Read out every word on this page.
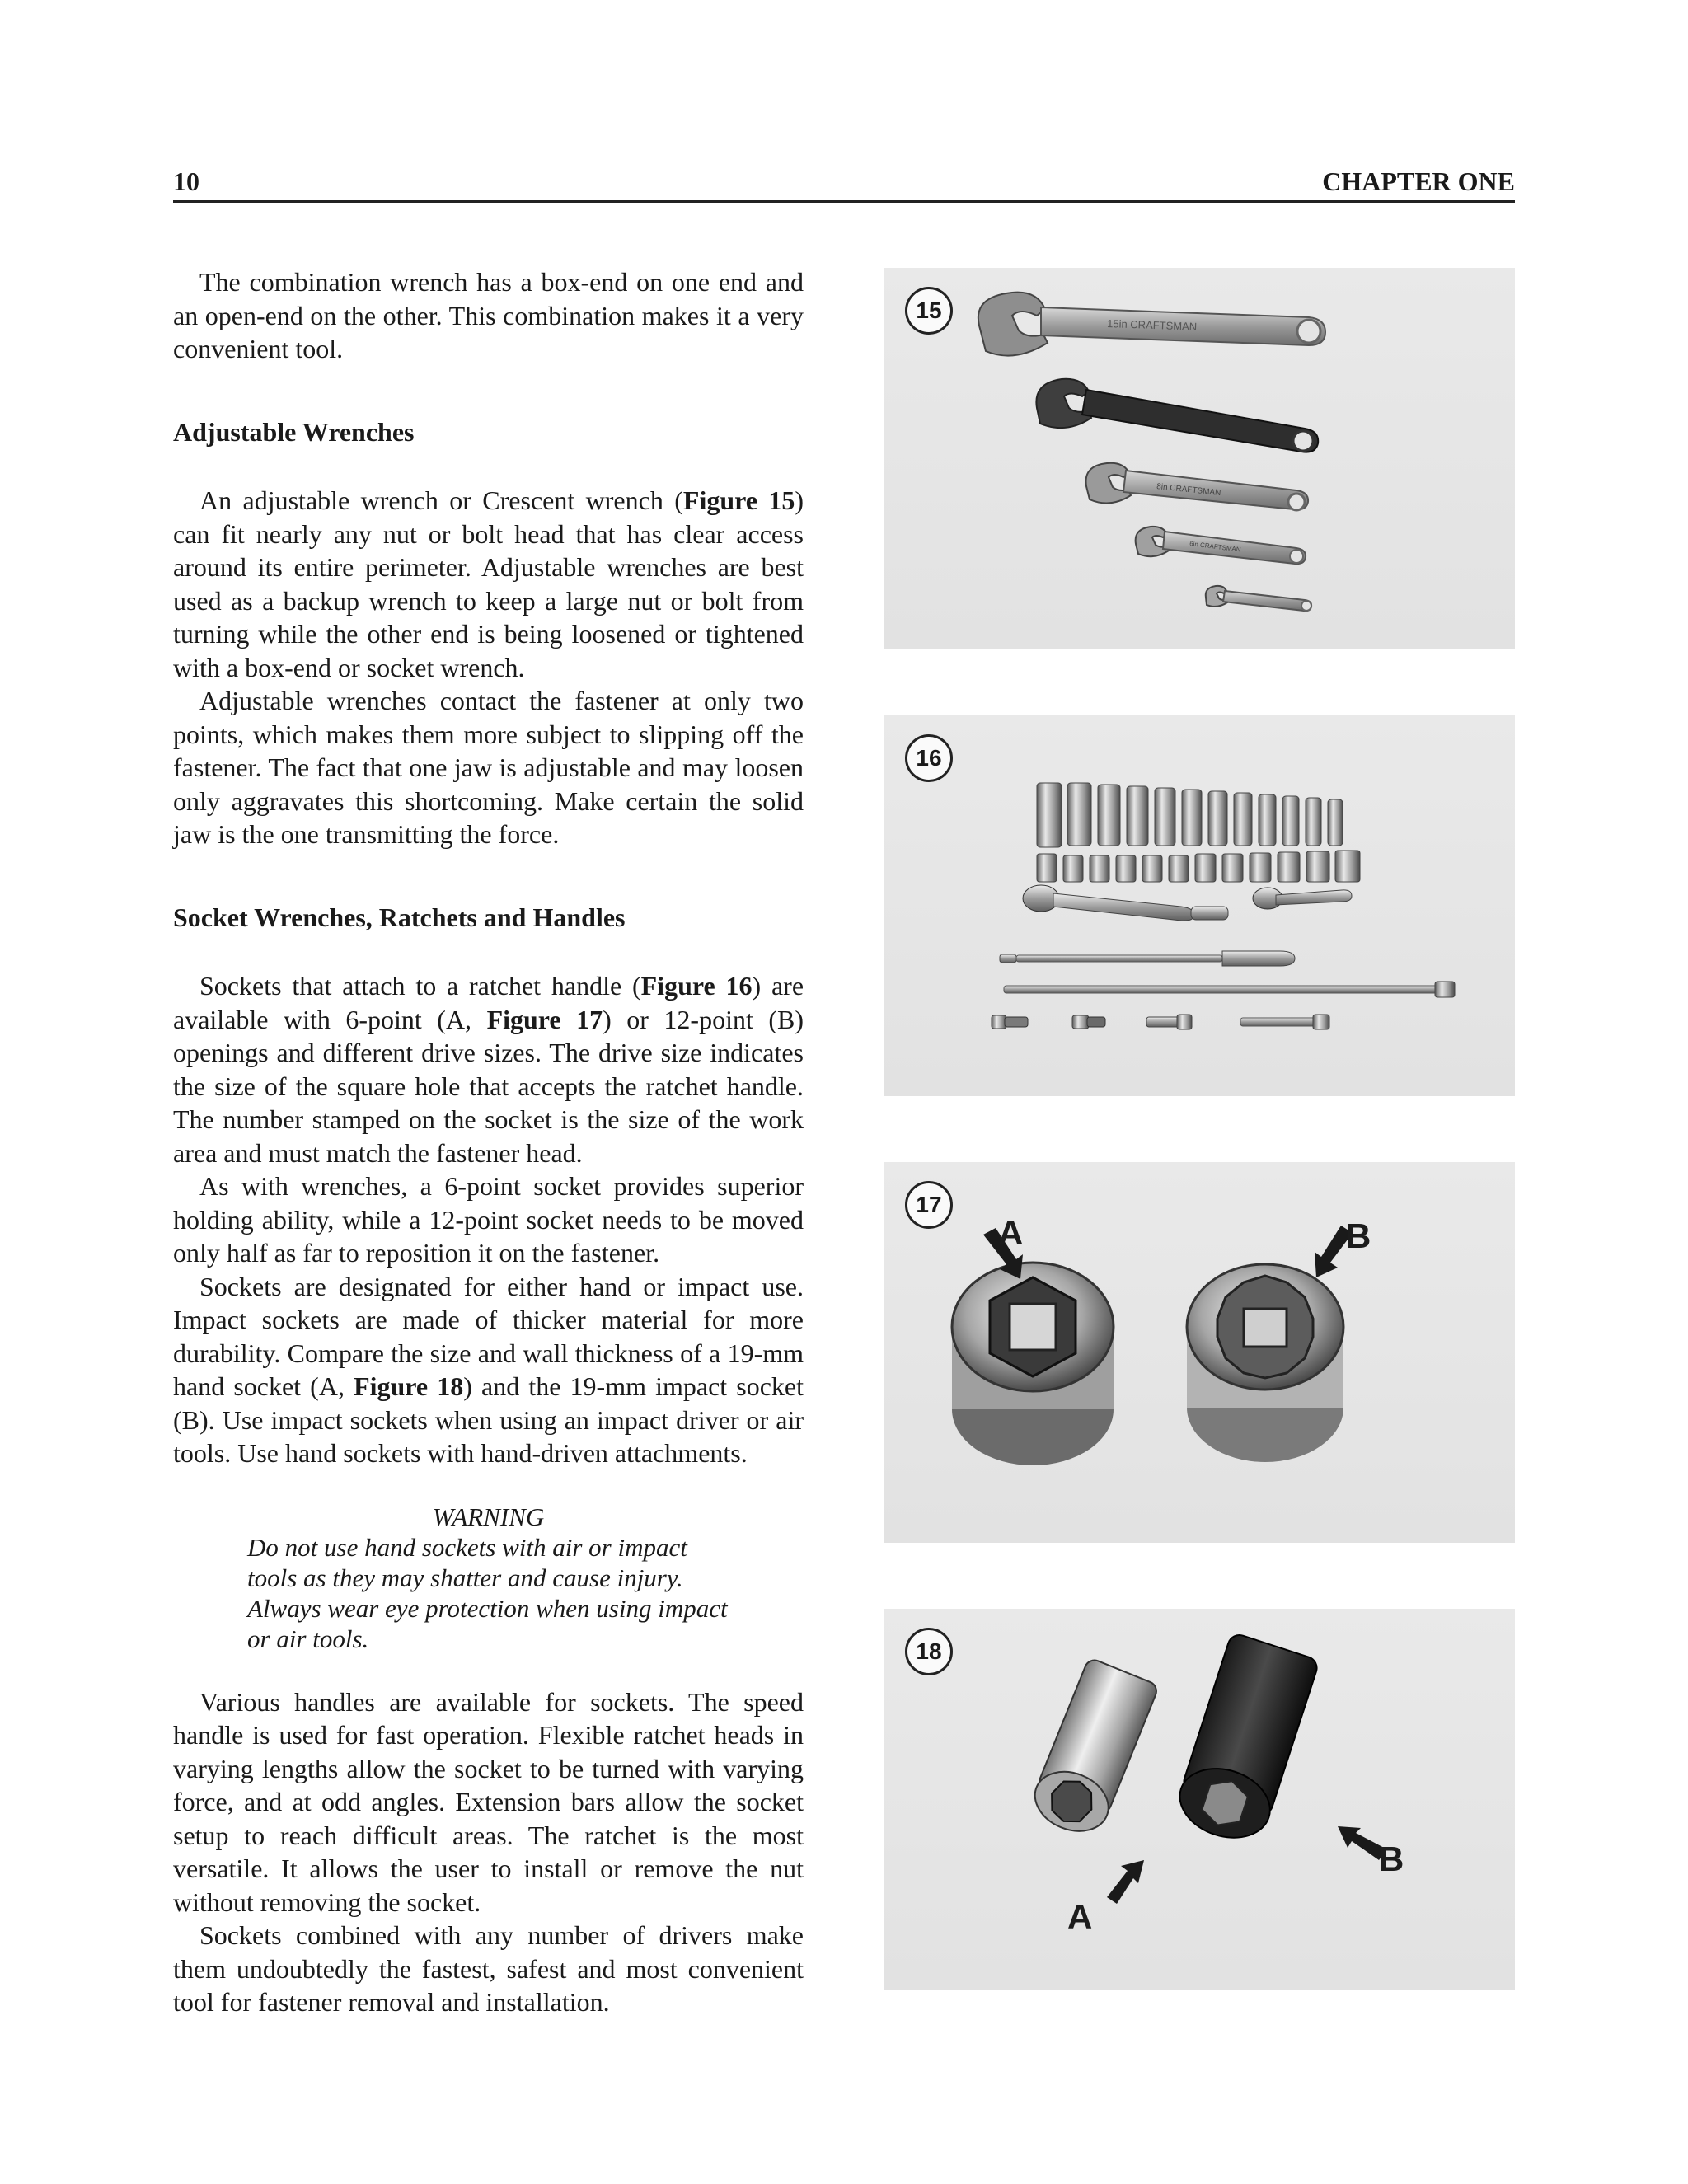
10	CHAPTER ONE

The combination wrench has a box-end on one end and an open-end on the other. This combination makes it a very convenient tool.

Adjustable Wrenches

An adjustable wrench or Crescent wrench (Figure 15) can fit nearly any nut or bolt head that has clear access around its entire perimeter. Adjustable wrenches are best used as a backup wrench to keep a large nut or bolt from turning while the other end is being loosened or tightened with a box-end or socket wrench.

Adjustable wrenches contact the fastener at only two points, which makes them more subject to slipping off the fastener. The fact that one jaw is adjustable and may loosen only aggravates this shortcoming. Make certain the solid jaw is the one transmitting the force.

Socket Wrenches, Ratchets and Handles

Sockets that attach to a ratchet handle (Figure 16) are available with 6-point (A, Figure 17) or 12-point (B) openings and different drive sizes. The drive size indicates the size of the square hole that accepts the ratchet handle. The number stamped on the socket is the size of the work area and must match the fastener head.

As with wrenches, a 6-point socket provides superior holding ability, while a 12-point socket needs to be moved only half as far to reposition it on the fastener.

Sockets are designated for either hand or impact use. Impact sockets are made of thicker material for more durability. Compare the size and wall thickness of a 19-mm hand socket (A, Figure 18) and the 19-mm impact socket (B). Use impact sockets when using an impact driver or air tools. Use hand sockets with hand-driven attachments.

WARNING
Do not use hand sockets with air or impact tools as they may shatter and cause injury. Always wear eye protection when using impact or air tools.

Various handles are available for sockets. The speed handle is used for fast operation. Flexible ratchet heads in varying lengths allow the socket to be turned with varying force, and at odd angles. Extension bars allow the socket setup to reach difficult areas. The ratchet is the most versatile. It allows the user to install or remove the nut without removing the socket.

Sockets combined with any number of drivers make them undoubtedly the fastest, safest and most convenient tool for fastener removal and installation.

15in CRAFTSMAN
8in CRAFTSMAN
6in CRAFTSMAN
15
16
17
A	B
18
A
B
